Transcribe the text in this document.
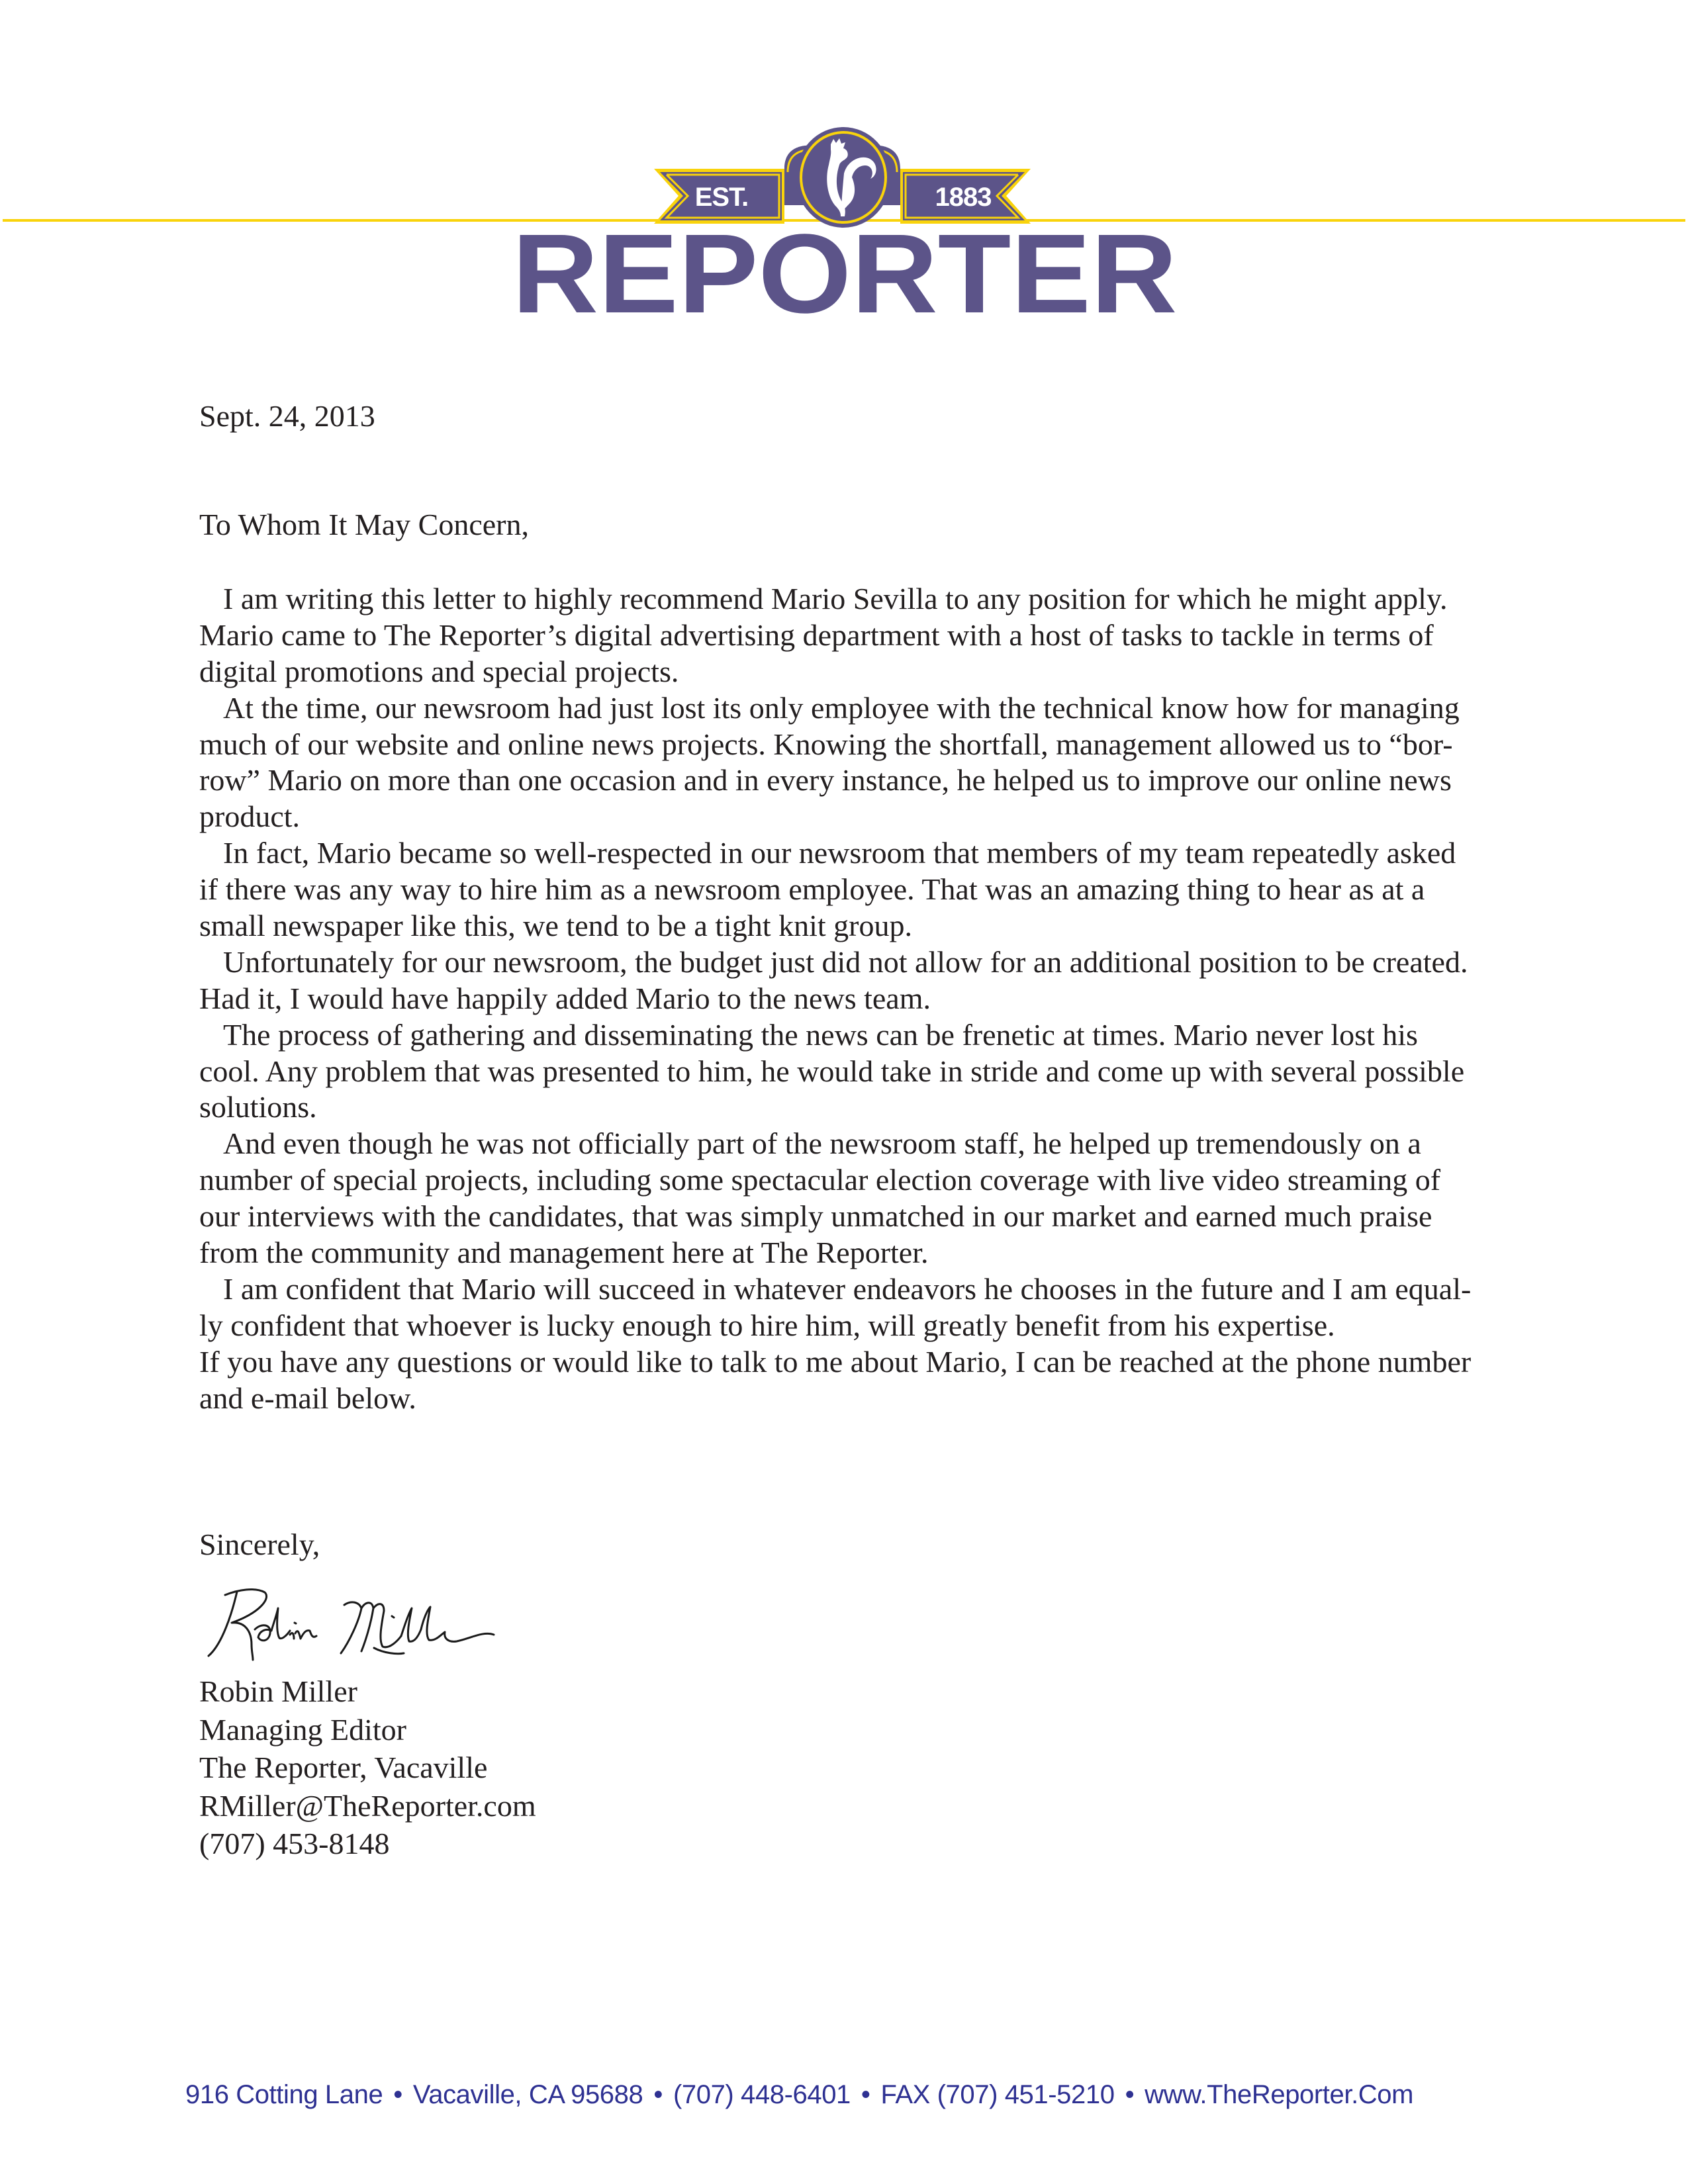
EST.	1883
REPORTER
Sept. 24, 2013
To Whom It May Concern,
I am writing this letter to highly recommend Mario Sevilla to any position for which he might apply.
Mario came to The Reporter’s digital advertising department with a host of tasks to tackle in terms of
digital promotions and special projects.
At the time, our newsroom had just lost its only employee with the technical know how for managing
much of our website and online news projects. Knowing the shortfall, management allowed us to “bor-
row” Mario on more than one occasion and in every instance, he helped us to improve our online news
product.
In fact, Mario became so well-respected in our newsroom that members of my team repeatedly asked
if there was any way to hire him as a newsroom employee. That was an amazing thing to hear as at a
small newspaper like this, we tend to be a tight knit group.
Unfortunately for our newsroom, the budget just did not allow for an additional position to be created.
Had it, I would have happily added Mario to the news team.
The process of gathering and disseminating the news can be frenetic at times. Mario never lost his
cool. Any problem that was presented to him, he would take in stride and come up with several possible
solutions.
And even though he was not officially part of the newsroom staff, he helped up tremendously on a
number of special projects, including some spectacular election coverage with live video streaming of
our interviews with the candidates, that was simply unmatched in our market and earned much praise
from the community and management here at The Reporter.
I am confident that Mario will succeed in whatever endeavors he chooses in the future and I am equal-
ly confident that whoever is lucky enough to hire him, will greatly benefit from his expertise.
If you have any questions or would like to talk to me about Mario, I can be reached at the phone number
and e-mail below.
Sincerely,
Robin Miller
Managing Editor
The Reporter, Vacaville
RMiller@TheReporter.com
(707) 453-8148
916 Cotting Lane • Vacaville, CA 95688 • (707) 448-6401 • FAX (707) 451-5210 • www.TheReporter.Com
